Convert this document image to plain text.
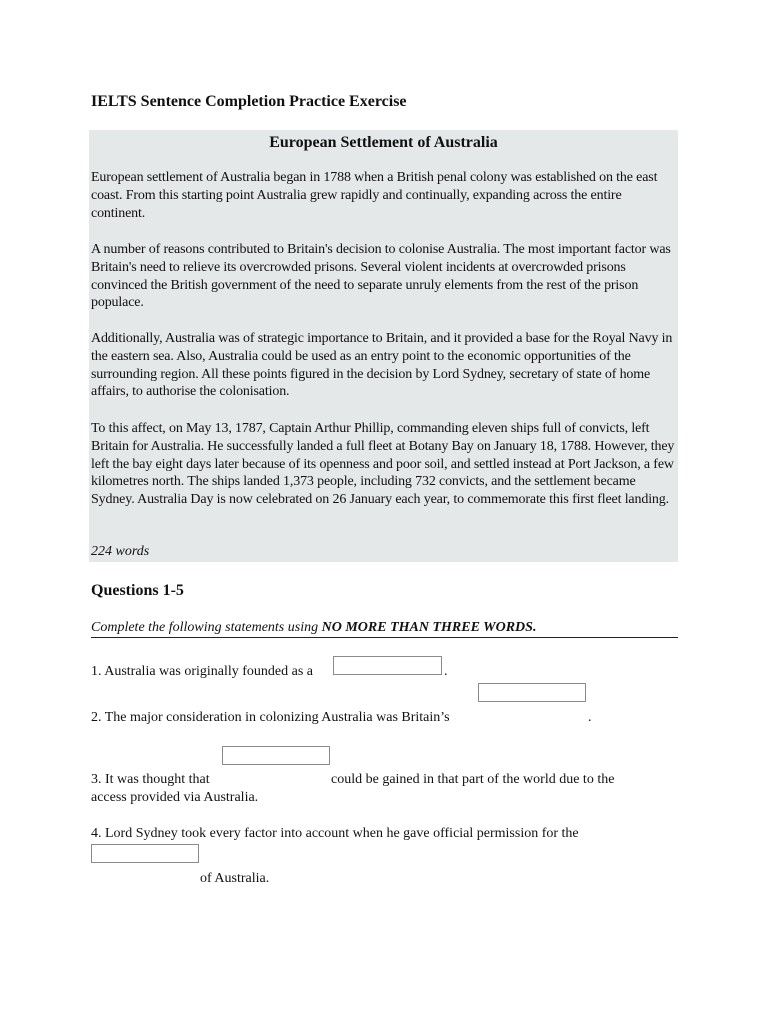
IELTS Sentence Completion Practice Exercise
European Settlement of Australia

European settlement of Australia began in 1788 when a British penal colony was established on the east coast. From this starting point Australia grew rapidly and continually, expanding across the entire continent.

A number of reasons contributed to Britain's decision to colonise Australia. The most important factor was Britain's need to relieve its overcrowded prisons. Several violent incidents at overcrowded prisons convinced the British government of the need to separate unruly elements from the rest of the prison populace.

Additionally, Australia was of strategic importance to Britain, and it provided a base for the Royal Navy in the eastern sea. Also, Australia could be used as an entry point to the economic opportunities of the surrounding region. All these points figured in the decision by Lord Sydney, secretary of state of home affairs, to authorise the colonisation.

To this affect, on May 13, 1787, Captain Arthur Phillip, commanding eleven ships full of convicts, left Britain for Australia. He successfully landed a full fleet at Botany Bay on January 18, 1788. However, they left the bay eight days later because of its openness and poor soil, and settled instead at Port Jackson, a few kilometres north. The ships landed 1,373 people, including 732 convicts, and the settlement became Sydney. Australia Day is now celebrated on 26 January each year, to commemorate this first fleet landing.

224 words

Questions 1-5

Complete the following statements using NO MORE THAN THREE WORDS.

1. Australia was originally founded as a	.

2. The major consideration in colonizing Australia was Britain’s	.

3. It was thought that	could be gained in that part of the world due to the

access provided via Australia.

4. Lord Sydney took every factor into account when he gave official permission for the

of Australia.
